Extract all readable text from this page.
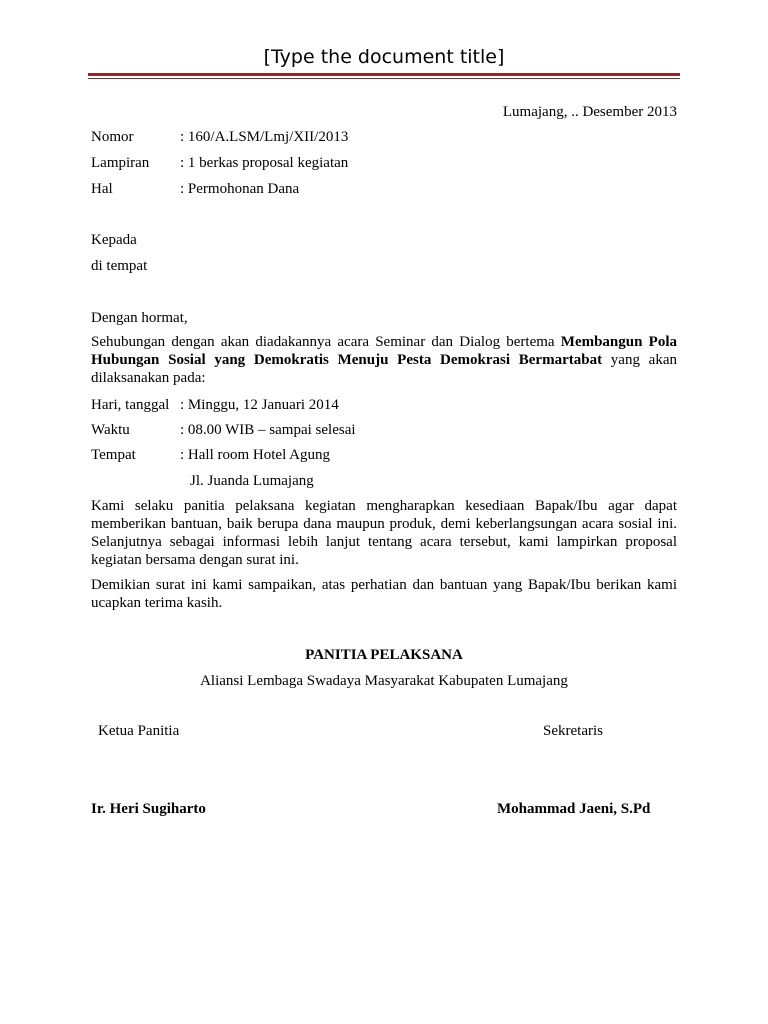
[Type the document title]
Lumajang, .. Desember 2013
Nomor	: 160/A.LSM/Lmj/XII/2013
Lampiran : 1 berkas proposal kegiatan
Hal	: Permohonan Dana
Kepada
di tempat
Dengan hormat,
Sehubungan dengan akan diadakannya acara Seminar dan Dialog bertema Membangun Pola Hubungan Sosial yang Demokratis Menuju Pesta Demokrasi Bermartabat yang akan dilaksanakan pada:
Hari, tanggal : Minggu, 12 Januari 2014
Waktu	: 08.00 WIB – sampai selesai
Tempat	: Hall room Hotel Agung
Jl. Juanda Lumajang
Kami selaku panitia pelaksana kegiatan mengharapkan kesediaan Bapak/Ibu agar dapat memberikan bantuan, baik berupa dana maupun produk, demi keberlangsungan acara sosial ini. Selanjutnya sebagai informasi lebih lanjut tentang acara tersebut, kami lampirkan proposal kegiatan bersama dengan surat ini.
Demikian surat ini kami sampaikan, atas perhatian dan bantuan yang Bapak/Ibu berikan kami ucapkan terima kasih.
PANITIA PELAKSANA
Aliansi Lembaga Swadaya Masyarakat Kabupaten Lumajang
Ketua Panitia	Sekretaris
Ir. Heri Sugiharto	Mohammad Jaeni, S.Pd
